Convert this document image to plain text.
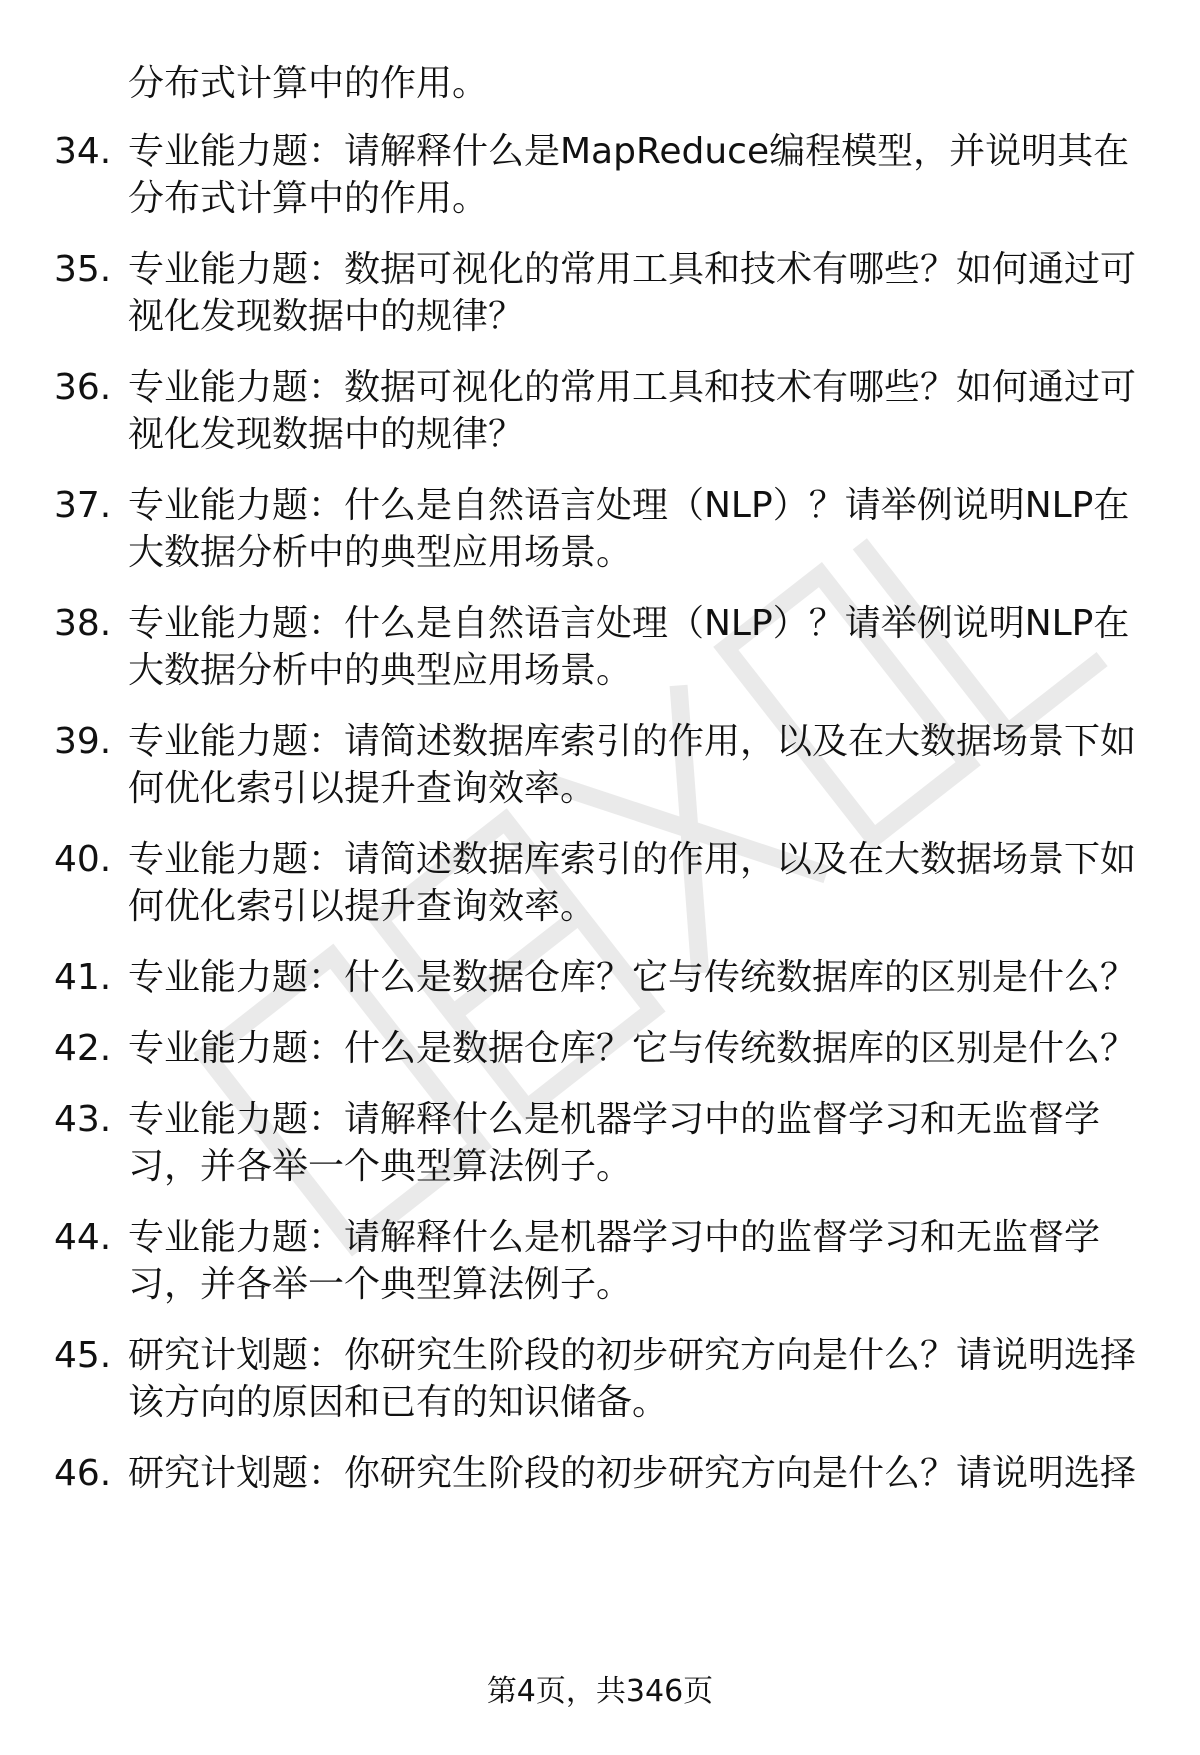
分布式计算中的作用。
34. 专业能力题：请解释什么是MapReduce编程模型，并说明其在
分布式计算中的作用。
35. 专业能力题：数据可视化的常用工具和技术有哪些？如何通过可
视化发现数据中的规律？
36. 专业能力题：数据可视化的常用工具和技术有哪些？如何通过可
视化发现数据中的规律？
37. 专业能力题：什么是自然语言处理（NLP）？请举例说明NLP在
大数据分析中的典型应用场景。
38. 专业能力题：什么是自然语言处理（NLP）？请举例说明NLP在
大数据分析中的典型应用场景。
39. 专业能力题：请简述数据库索引的作用，以及在大数据场景下如
何优化索引以提升查询效率。
40. 专业能力题：请简述数据库索引的作用，以及在大数据场景下如
何优化索引以提升查询效率。
41. 专业能力题：什么是数据仓库？它与传统数据库的区别是什么？
42. 专业能力题：什么是数据仓库？它与传统数据库的区别是什么？
43. 专业能力题：请解释什么是机器学习中的监督学习和无监督学
习，并各举一个典型算法例子。
44. 专业能力题：请解释什么是机器学习中的监督学习和无监督学
习，并各举一个典型算法例子。
45. 研究计划题：你研究生阶段的初步研究方向是什么？请说明选择
该方向的原因和已有的知识储备。
46. 研究计划题：你研究生阶段的初步研究方向是什么？请说明选择
第4页，共346页
